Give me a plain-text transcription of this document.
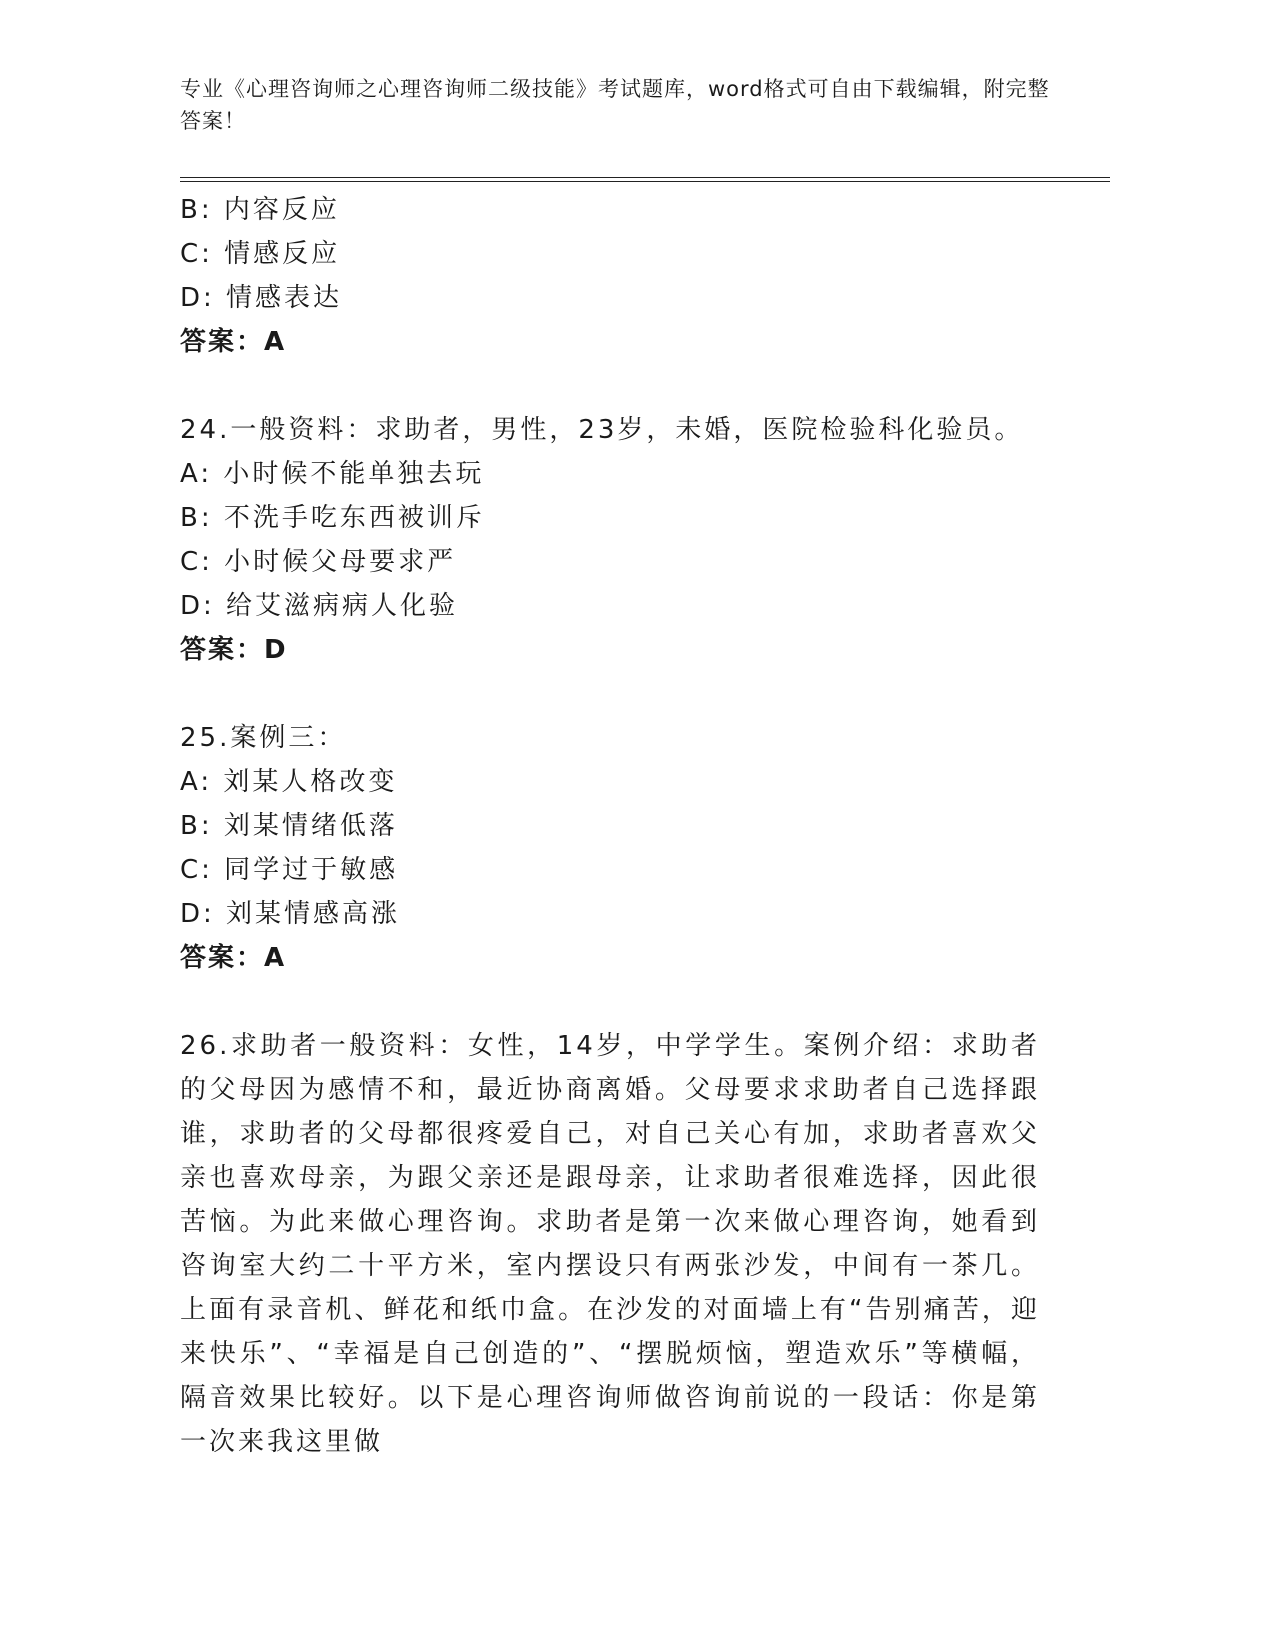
专业《心理咨询师之心理咨询师二级技能》考试题库，word格式可自由下载编辑，附完整答案！
B: 内容反应
C: 情感反应
D: 情感表达
答案：A
24.一般资料：求助者，男性，23岁，未婚，医院检验科化验员。
A: 小时候不能单独去玩
B: 不洗手吃东西被训斥
C: 小时候父母要求严
D: 给艾滋病病人化验
答案：D
25.案例三：
A: 刘某人格改变
B: 刘某情绪低落
C: 同学过于敏感
D: 刘某情感高涨
答案：A

26.求助者一般资料：女性，14岁，中学学生。案例介绍：求助者的父母因为感情不和，最近协商离婚。父母要求求助者自己选择跟谁，求助者的父母都很疼爱自己，对自己关心有加，求助者喜欢父亲也喜欢母亲，为跟父亲还是跟母亲，让求助者很难选择，因此很苦恼。为此来做心理咨询。求助者是第一次来做心理咨询，她看到咨询室大约二十平方米，室内摆设只有两张沙发，中间有一茶几。上面有录音机、鲜花和纸巾盒。在沙发的对面墙上有“告别痛苦，迎来快乐”、“幸福是自己创造的”、“摆脱烦恼，塑造欢乐”等横幅，隔音效果比较好。以下是心理咨询师做咨询前说的一段话：你是第一次来我这里做
